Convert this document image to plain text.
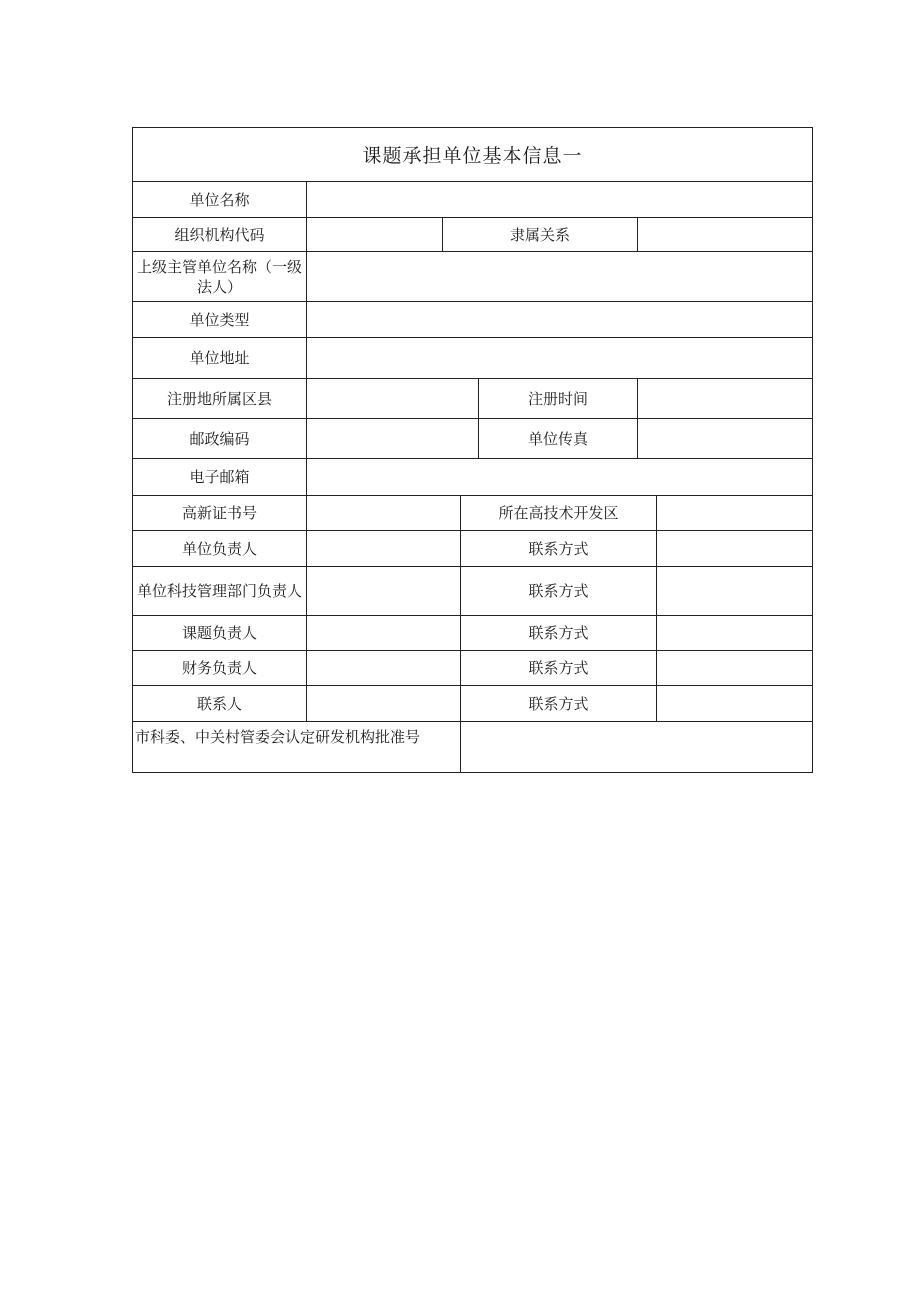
课题承担单位基本信息一
单位名称
组织机构代码	隶属关系
上级主管单位名称（一级法人）
单位类型
单位地址
注册地所属区县	注册时间
邮政编码	单位传真
电子邮箱
高新证书号	所在高技术开发区
单位负责人	联系方式
单位科技管理部门负责人	联系方式
课题负责人	联系方式
财务负责人	联系方式
联系人	联系方式
市科委、中关村管委会认定研发机构批准号
